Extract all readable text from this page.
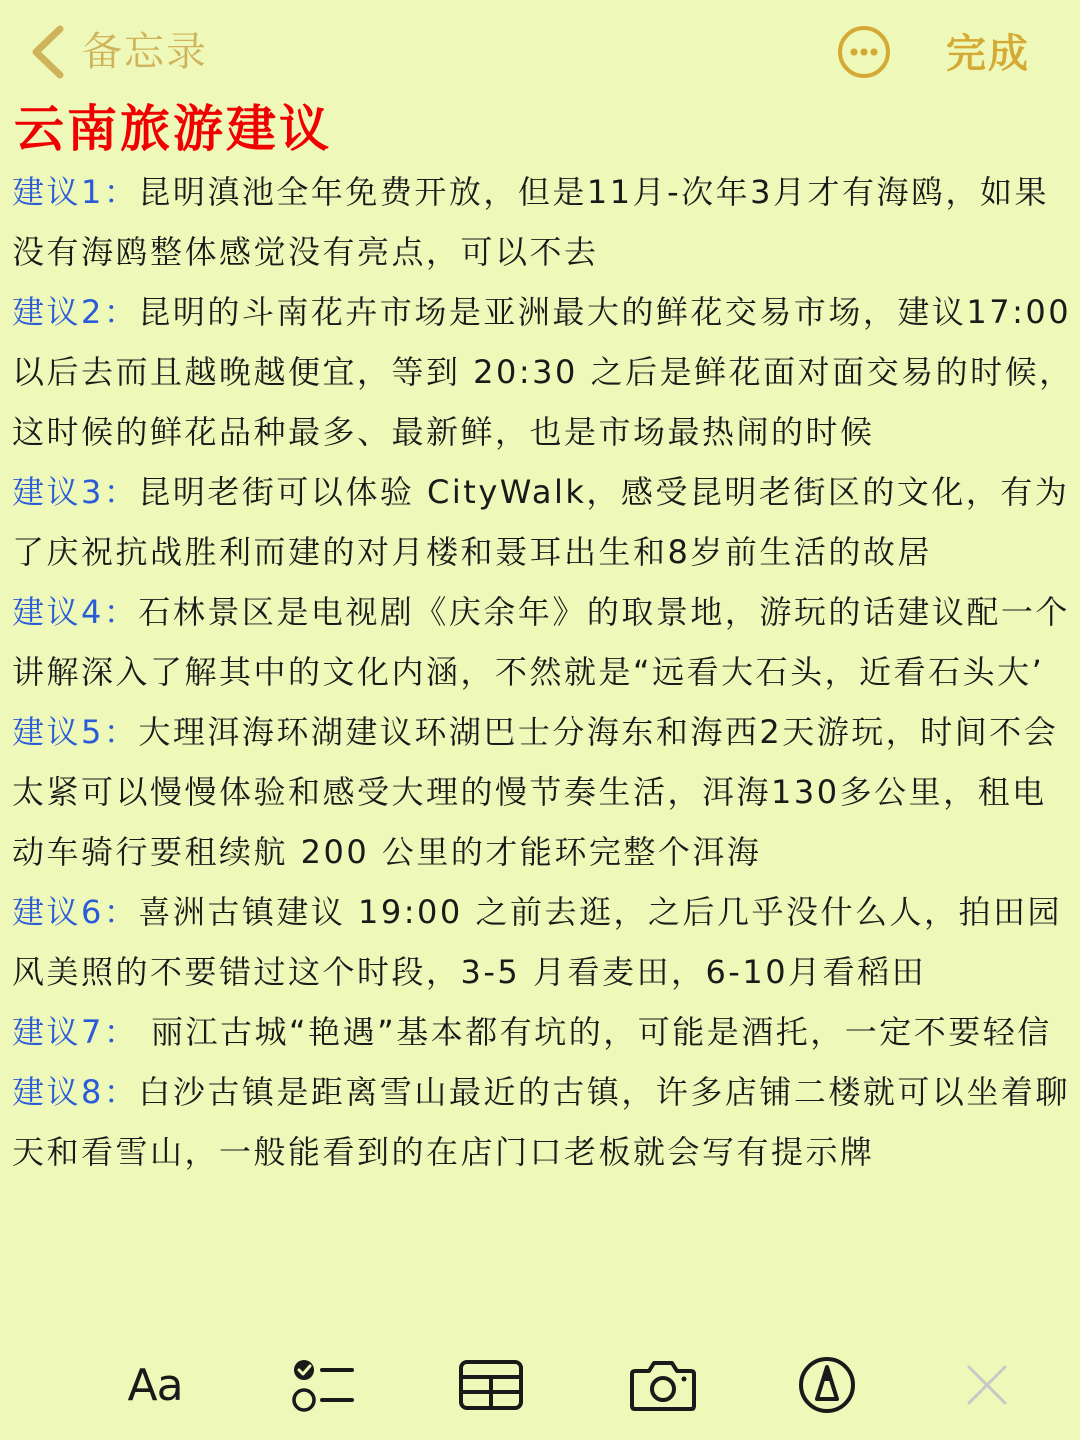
备忘录	完成
云南旅游建议

建议1：昆明滇池全年免费开放，但是11月-次年3月才有海鸥，如果没有海鸥整体感觉没有亮点，可以不去

建议2：昆明的斗南花卉市场是亚洲最大的鲜花交易市场，建议17:00 以后去而且越晚越便宜，等到 20:30 之后是鲜花面对面交易的时候，这时候的鲜花品种最多、最新鲜，也是市场最热闹的时候

建议3：昆明老街可以体验 CityWalk，感受昆明老街区的文化，有为了庆祝抗战胜利而建的对月楼和聂耳出生和8岁前生活的故居

建议4：石林景区是电视剧《庆余年》的取景地，游玩的话建议配一个讲解深入了解其中的文化内涵，不然就是“远看大石头，近看石头大’

建议5：大理洱海环湖建议环湖巴士分海东和海西2天游玩，时间不会太紧可以慢慢体验和感受大理的慢节奏生活，洱海130多公里，租电动车骑行要租续航 200 公里的才能环完整个洱海

建议6：喜洲古镇建议 19:00 之前去逛，之后几乎没什么人，拍田园风美照的不要错过这个时段，3-5 月看麦田，6-10月看稻田

建议7： 丽江古城“艳遇”基本都有坑的，可能是酒托，一定不要轻信

建议8：白沙古镇是距离雪山最近的古镇，许多店铺二楼就可以坐着聊天和看雪山，一般能看到的在店门口老板就会写有提示牌

Aa
